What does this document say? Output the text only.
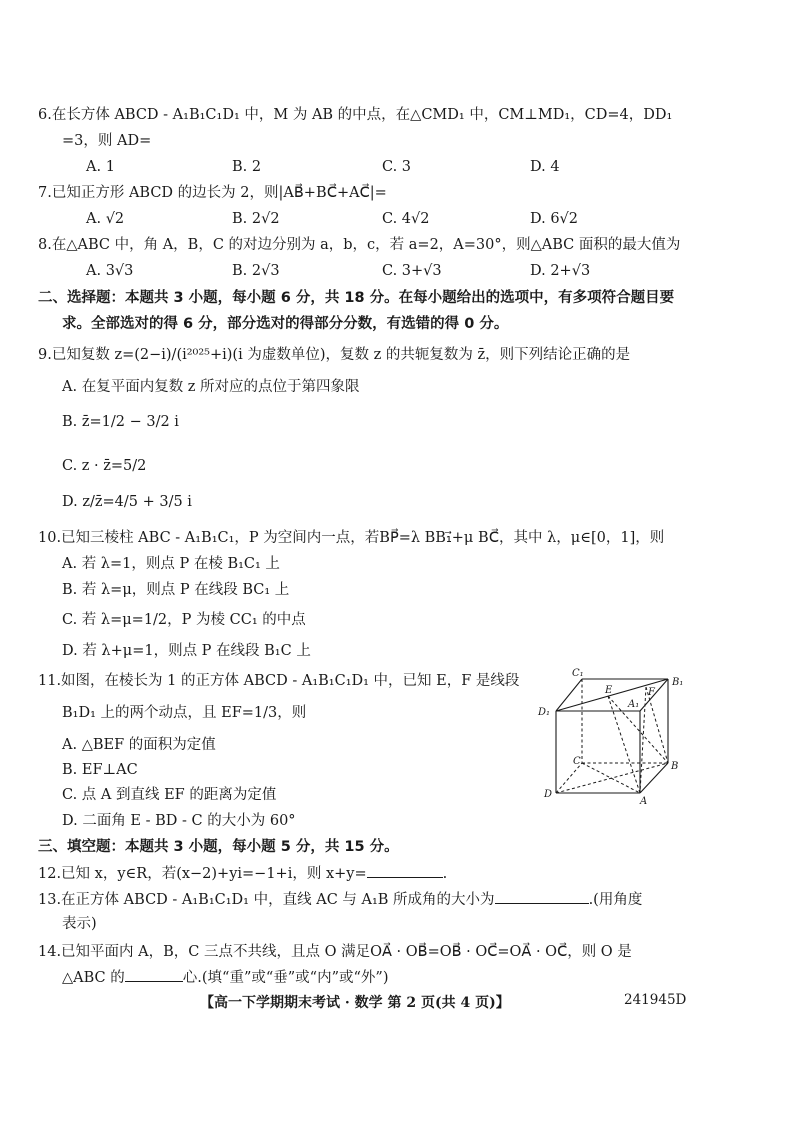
6.在长方体 ABCD - A₁B₁C₁D₁ 中，M 为 AB 的中点，在△CMD₁ 中，CM⊥MD₁，CD=4，DD₁
=3，则 AD=
A. 1	B. 2	C. 3	D. 4
7.已知正方形 ABCD 的边长为 2，则|AB⃗+BC⃗+AC⃗|=
A. √2	B. 2√2	C. 4√2	D. 6√2
8.在△ABC 中，角 A，B，C 的对边分别为 a，b，c，若 a=2，A=30°，则△ABC 面积的最大值为
A. 3√3	B. 2√3	C. 3+√3	D. 2+√3
二、选择题：本题共 3 小题，每小题 6 分，共 18 分。在每小题给出的选项中，有多项符合题目要
求。全部选对的得 6 分，部分选对的得部分分数，有选错的得 0 分。
9.已知复数 z=(2−i)/(i²⁰²⁵+i)(i 为虚数单位)，复数 z 的共轭复数为 z̄，则下列结论正确的是
A. 在复平面内复数 z 所对应的点位于第四象限
B. z̄=1/2 − 3/2 i
C. z · z̄=5/2
D. z/z̄=4/5 + 3/5 i
10.已知三棱柱 ABC - A₁B₁C₁，P 为空间内一点，若BP⃗=λ BB₁⃗+μ BC⃗，其中 λ，μ∈[0，1]，则
A. 若 λ=1，则点 P 在棱 B₁C₁ 上
B. 若 λ=μ，则点 P 在线段 BC₁ 上
C. 若 λ=μ=1/2，P 为棱 CC₁ 的中点
D. 若 λ+μ=1，则点 P 在线段 B₁C 上
11.如图，在棱长为 1 的正方体 ABCD - A₁B₁C₁D₁ 中，已知 E，F 是线段
B₁D₁ 上的两个动点，且 EF=1/3，则
A. △BEF 的面积为定值
B. EF⊥AC
C. 点 A 到直线 EF 的距离为定值
D. 二面角 E - BD - C 的大小为 60°
C₁
B₁
D₁
E	F
A₁
C	B
D
A
三、填空题：本题共 3 小题，每小题 5 分，共 15 分。
12.已知 x，y∈R，若(x−2)+yi=−1+i，则 x+y=	.
13.在正方体 ABCD - A₁B₁C₁D₁ 中，直线 AC 与 A₁B 所成角的大小为	.(用角度
表示)
14.已知平面内 A，B，C 三点不共线，且点 O 满足OA⃗ · OB⃗=OB⃗ · OC⃗=OA⃗ · OC⃗，则 O 是
△ABC 的	心.(填“重”或“垂”或“内”或“外”)
【高一下学期期末考试 · 数学 第 2 页(共 4 页)】	241945D
